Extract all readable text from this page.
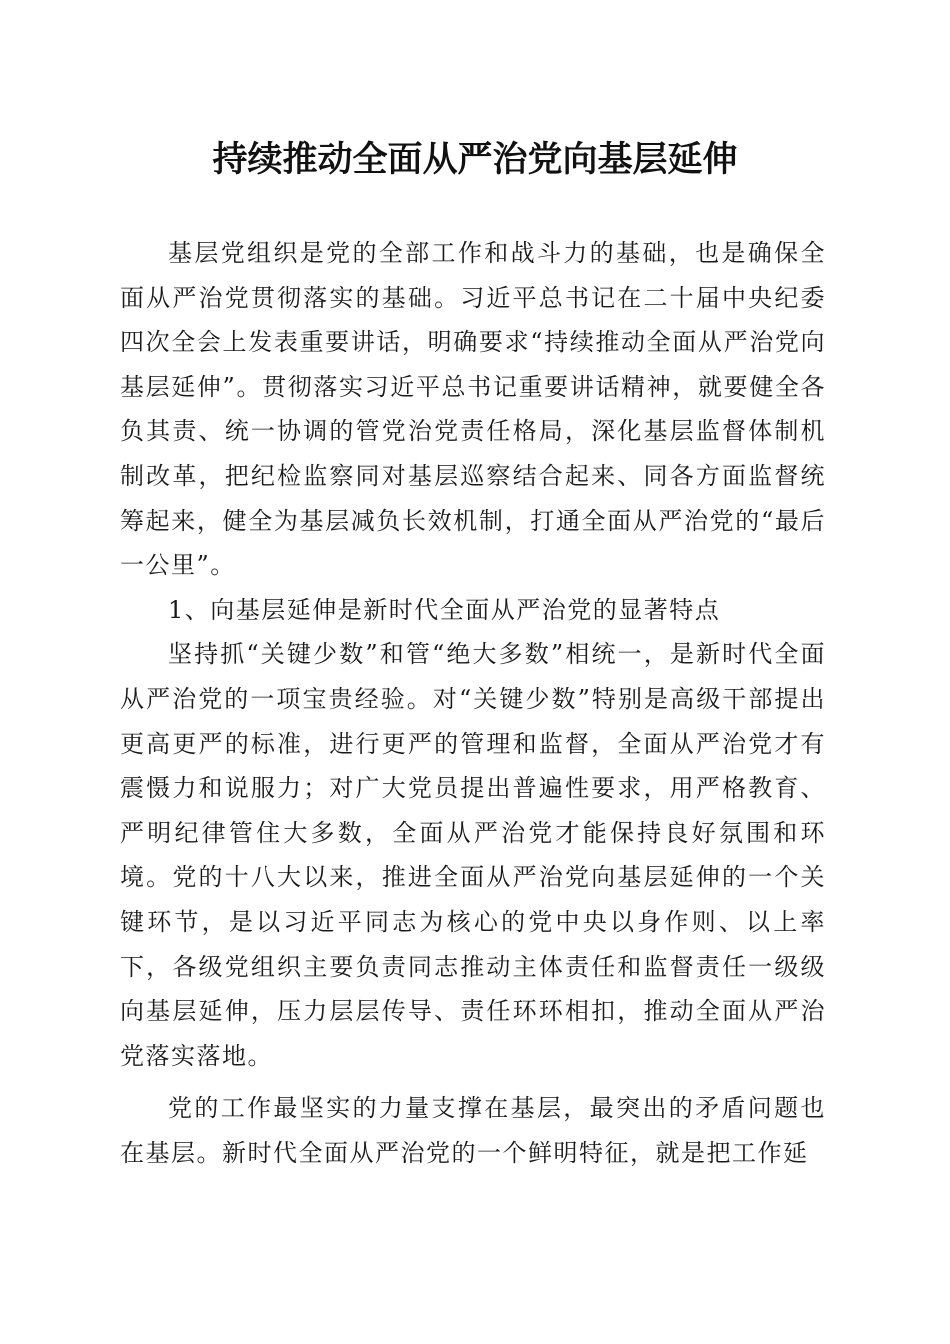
持续推动全面从严治党向基层延伸

基层党组织是党的全部工作和战斗力的基础，也是确保全面从严治党贯彻落实的基础。习近平总书记在二十届中央纪委四次全会上发表重要讲话，明确要求“持续推动全面从严治党向基层延伸”。贯彻落实习近平总书记重要讲话精神，就要健全各负其责、统一协调的管党治党责任格局，深化基层监督体制机制改革，把纪检监察同对基层巡察结合起来、同各方面监督统筹起来，健全为基层减负长效机制，打通全面从严治党的“最后一公里”。

1、向基层延伸是新时代全面从严治党的显著特点

坚持抓“关键少数”和管“绝大多数”相统一，是新时代全面从严治党的一项宝贵经验。对“关键少数”特别是高级干部提出更高更严的标准，进行更严的管理和监督，全面从严治党才有震慑力和说服力；对广大党员提出普遍性要求，用严格教育、严明纪律管住大多数，全面从严治党才能保持良好氛围和环境。党的十八大以来，推进全面从严治党向基层延伸的一个关键环节，是以习近平同志为核心的党中央以身作则、以上率下，各级党组织主要负责同志推动主体责任和监督责任一级级向基层延伸，压力层层传导、责任环环相扣，推动全面从严治党落实落地。

党的工作最坚实的力量支撑在基层，最突出的矛盾问题也在基层。新时代全面从严治党的一个鲜明特征，就是把工作延
